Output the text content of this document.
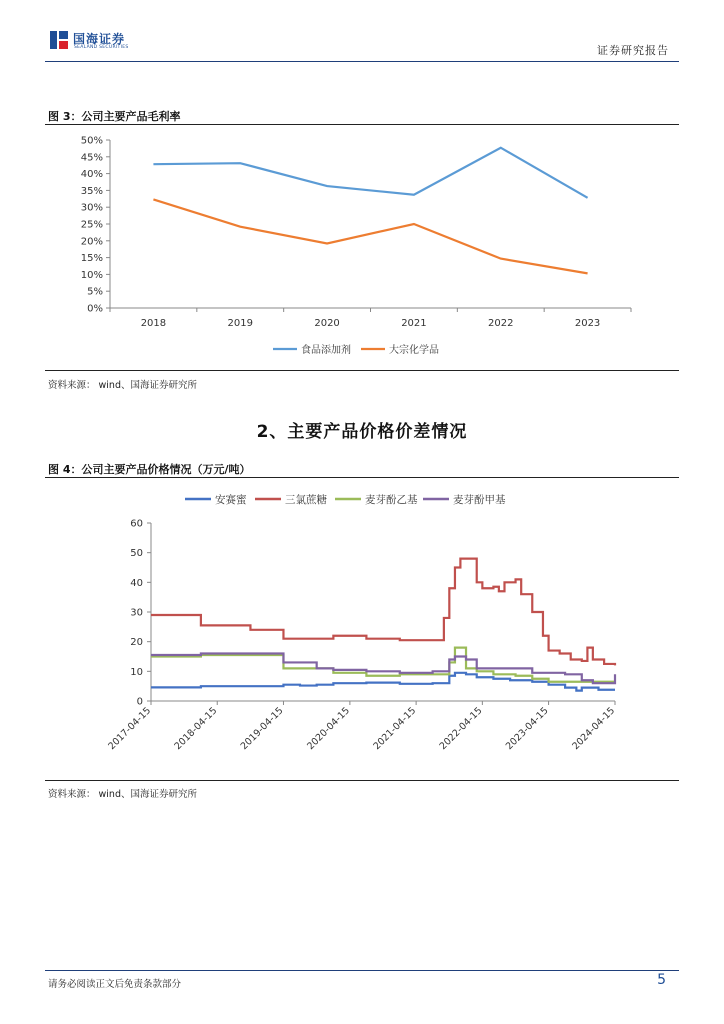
国海证券
SEALAND SECURITIES	证券研究报告
图 3：公司主要产品毛利率
0%
5%
10%
15%
20%
25%
30%
35%
40%
45%
50%
2018	2019	2020	2021	2022	2023
食品添加剂	大宗化学品
资料来源： wind、国海证券研究所
2、主要产品价格价差情况
图 4：公司主要产品价格情况（万元/吨）
0
10
20
30
40
50
60
2017-04-15 2018-04-15 2019-04-15 2020-04-15 2021-04-15 2022-04-15 2023-04-15 2024-04-15
安赛蜜	三氯蔗糖	麦芽酚乙基	麦芽酚甲基
资料来源： wind、国海证券研究所
请务必阅读正文后免责条款部分	5
